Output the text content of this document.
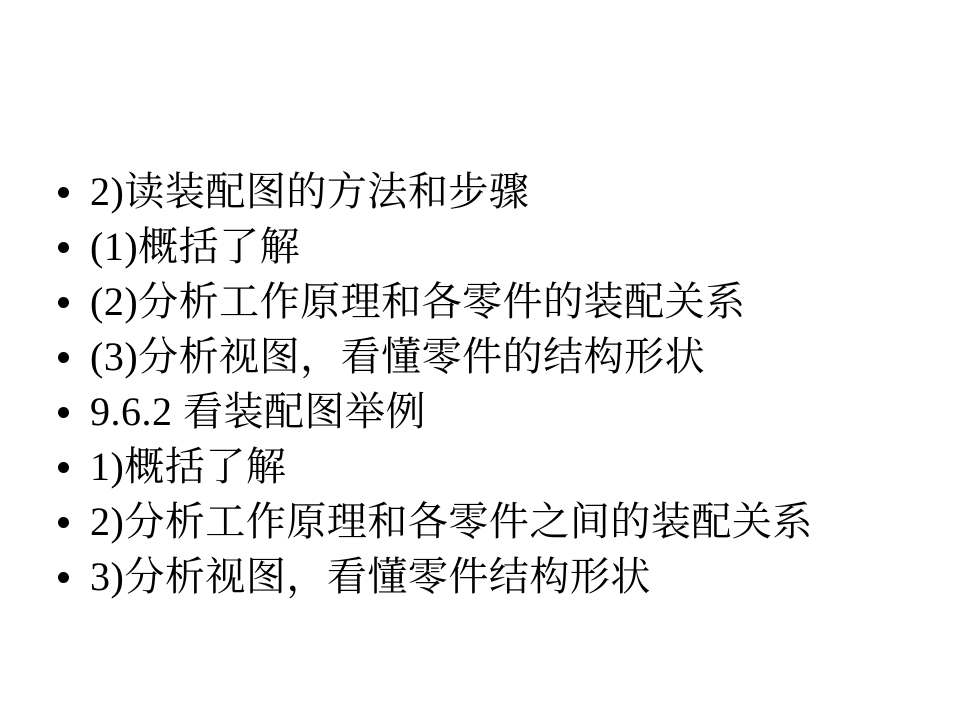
2)读装配图的方法和步骤
(1)概括了解
(2)分析工作原理和各零件的装配关系
(3)分析视图，看懂零件的结构形状
9.6.2 看装配图举例
1)概括了解
2)分析工作原理和各零件之间的装配关系
3)分析视图，看懂零件结构形状
